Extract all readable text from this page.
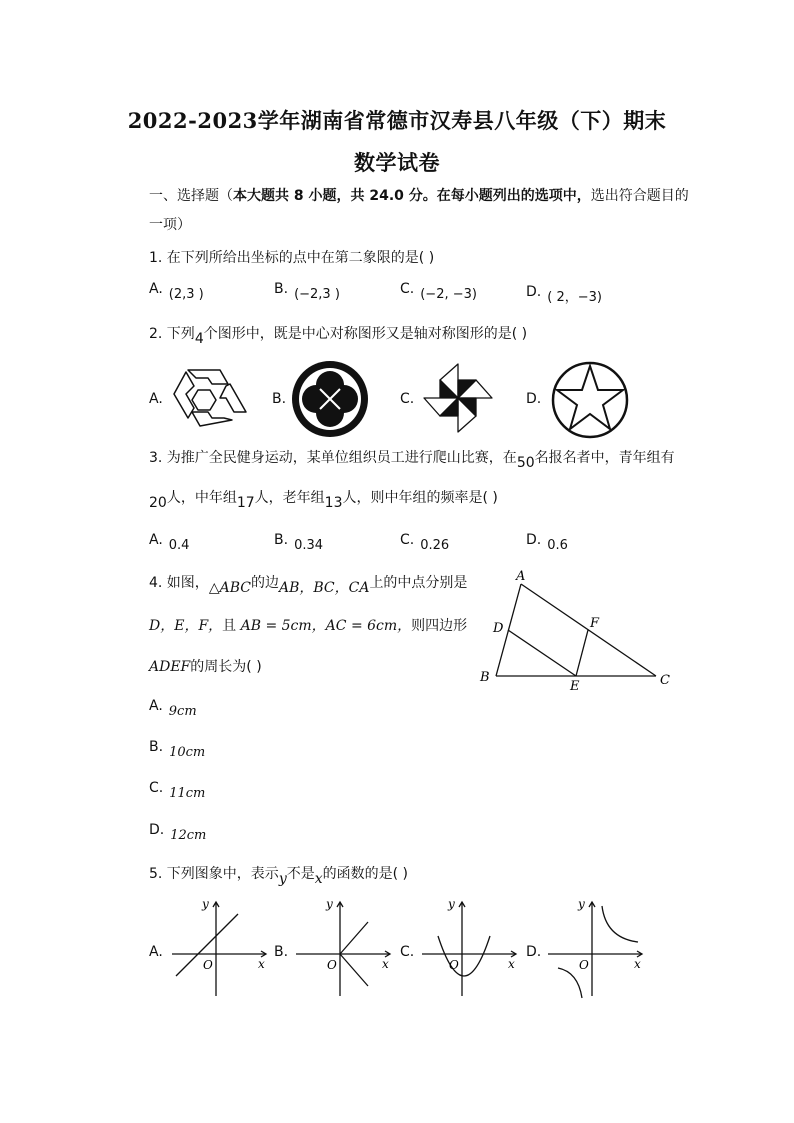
2022-2023学年湖南省常德市汉寿县八年级（下）期末
数学试卷
一、选择题（本大题共 8 小题，共 24.0 分。在每小题列出的选项中，选出符合题目的
一项）
1. 在下列所给出坐标的点中在第二象限的是( )
A. (2,3 )	B. (−2,3 )	C. (−2, −3)	D. ( 2，−3)
2. 下列4个图形中，既是中心对称图形又是轴对称图形的是( )
A.	B.	C.	D.
3. 为推广全民健身运动，某单位组织员工进行爬山比赛，在50名报名者中，青年组有
20人，中年组17人，老年组13人，则中年组的频率是( )
A. 0.4	B. 0.34	C. 0.26	D. 0.6
4. 如图，△ABC的边AB，BC，CA上的中点分别是
D，E，F，且 AB = 5cm，AC = 6cm，则四边形
ADEF的周长为( )
A
B	C
D
E
F
A. 9cm
B. 10cm
C. 11cm
D. 12cm
5. 下列图象中，表示y不是x的函数的是( )
A.
y
x
O
B.
y
x
O
C.
y
x
O
D.
y
x
O
